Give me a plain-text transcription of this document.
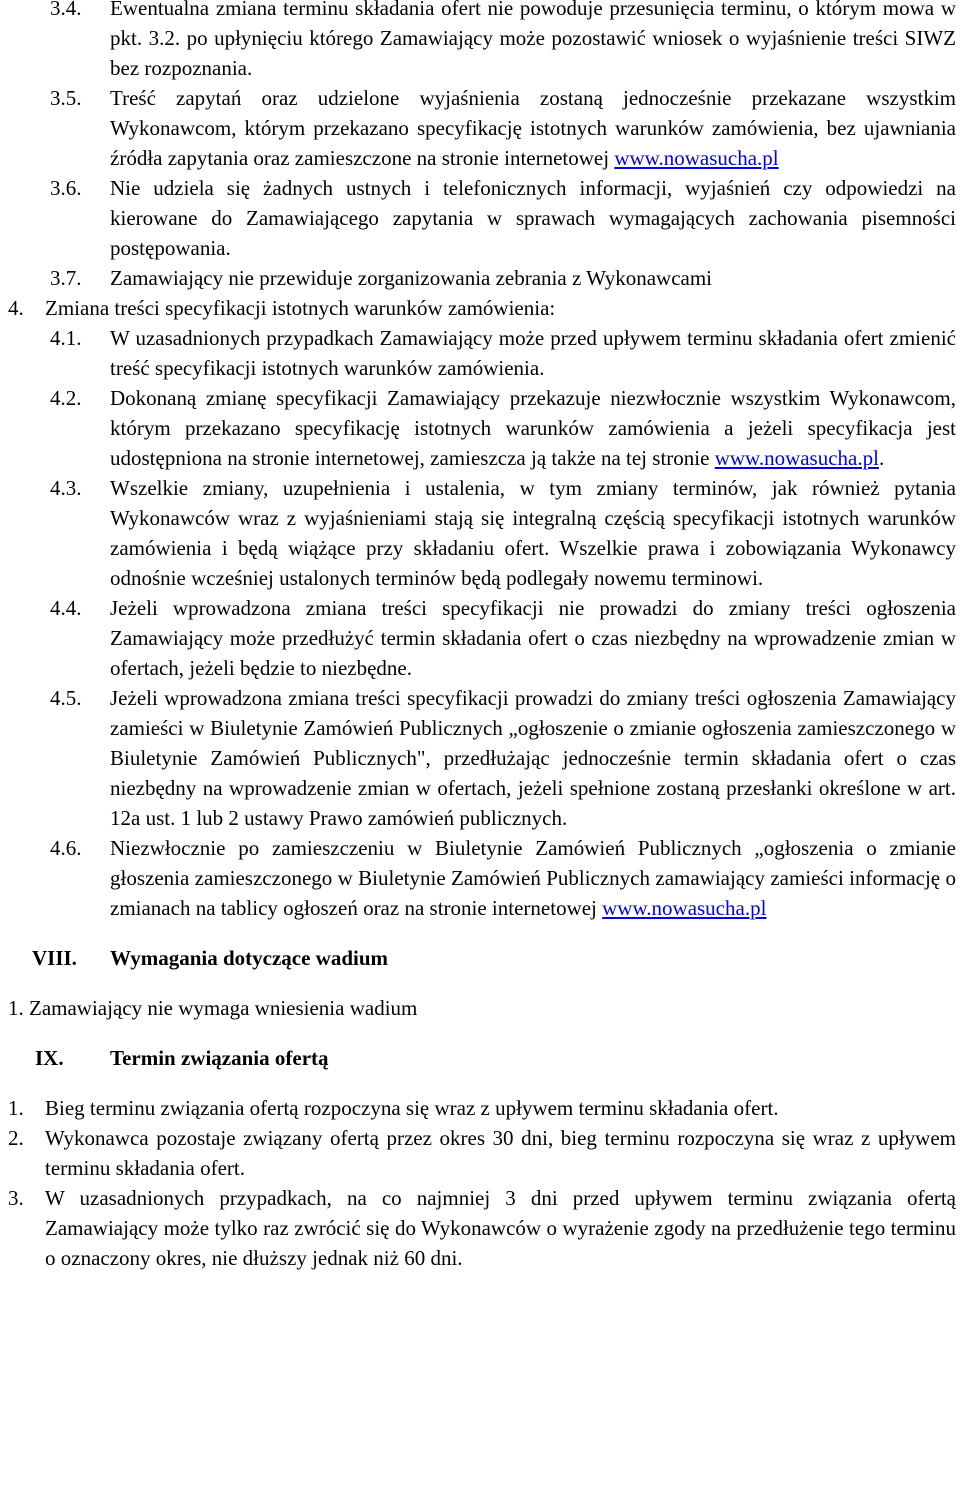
3.4. Ewentualna zmiana terminu składania ofert nie powoduje przesunięcia terminu, o którym mowa w pkt. 3.2. po upłynięciu którego Zamawiający może pozostawić wniosek o wyjaśnienie treści SIWZ bez rozpoznania.
3.5. Treść zapytań oraz udzielone wyjaśnienia zostaną jednocześnie przekazane wszystkim Wykonawcom, którym przekazano specyfikację istotnych warunków zamówienia, bez ujawniania źródła zapytania oraz zamieszczone na stronie internetowej www.nowasucha.pl
3.6. Nie udziela się żadnych ustnych i telefonicznych informacji, wyjaśnień czy odpowiedzi na kierowane do Zamawiającego zapytania w sprawach wymagających zachowania pisemności postępowania.
3.7. Zamawiający nie przewiduje zorganizowania zebrania z Wykonawcami
4. Zmiana treści specyfikacji istotnych warunków zamówienia:
4.1. W uzasadnionych przypadkach Zamawiający może przed upływem terminu składania ofert zmienić treść specyfikacji istotnych warunków zamówienia.
4.2. Dokonaną zmianę specyfikacji Zamawiający przekazuje niezwłocznie wszystkim Wykonawcom, którym przekazano specyfikację istotnych warunków zamówienia a jeżeli specyfikacja jest udostępniona na stronie internetowej, zamieszcza ją także na tej stronie www.nowasucha.pl.
4.3. Wszelkie zmiany, uzupełnienia i ustalenia, w tym zmiany terminów, jak również pytania Wykonawców wraz z wyjaśnieniami stają się integralną częścią specyfikacji istotnych warunków zamówienia i będą wiążące przy składaniu ofert. Wszelkie prawa i zobowiązania Wykonawcy odnośnie wcześniej ustalonych terminów będą podlegały nowemu terminowi.
4.4. Jeżeli wprowadzona zmiana treści specyfikacji nie prowadzi do zmiany treści ogłoszenia Zamawiający może przedłużyć termin składania ofert o czas niezbędny na wprowadzenie zmian w ofertach, jeżeli będzie to niezbędne.
4.5. Jeżeli wprowadzona zmiana treści specyfikacji prowadzi do zmiany treści ogłoszenia Zamawiający zamieści w Biuletynie Zamówień Publicznych „ogłoszenie o zmianie ogłoszenia zamieszczonego w Biuletynie Zamówień Publicznych", przedłużając jednocześnie termin składania ofert o czas niezbędny na wprowadzenie zmian w ofertach, jeżeli spełnione zostaną przesłanki określone w art. 12a ust. 1 lub 2 ustawy Prawo zamówień publicznych.
4.6. Niezwłocznie po zamieszczeniu w Biuletynie Zamówień Publicznych „ogłoszenia o zmianie głoszenia zamieszczonego w Biuletynie Zamówień Publicznych zamawiający zamieści informację o zmianach na tablicy ogłoszeń oraz na stronie internetowej www.nowasucha.pl
VIII. Wymagania dotyczące wadium
1. Zamawiający nie wymaga wniesienia wadium
IX. Termin związania ofertą
1. Bieg terminu związania ofertą rozpoczyna się wraz z upływem terminu składania ofert.
2. Wykonawca pozostaje związany ofertą przez okres 30 dni, bieg terminu rozpoczyna się wraz z upływem terminu składania ofert.
3. W uzasadnionych przypadkach, na co najmniej 3 dni przed upływem terminu związania ofertą Zamawiający może tylko raz zwrócić się do Wykonawców o wyrażenie zgody na przedłużenie tego terminu o oznaczony okres, nie dłuższy jednak niż 60 dni.
